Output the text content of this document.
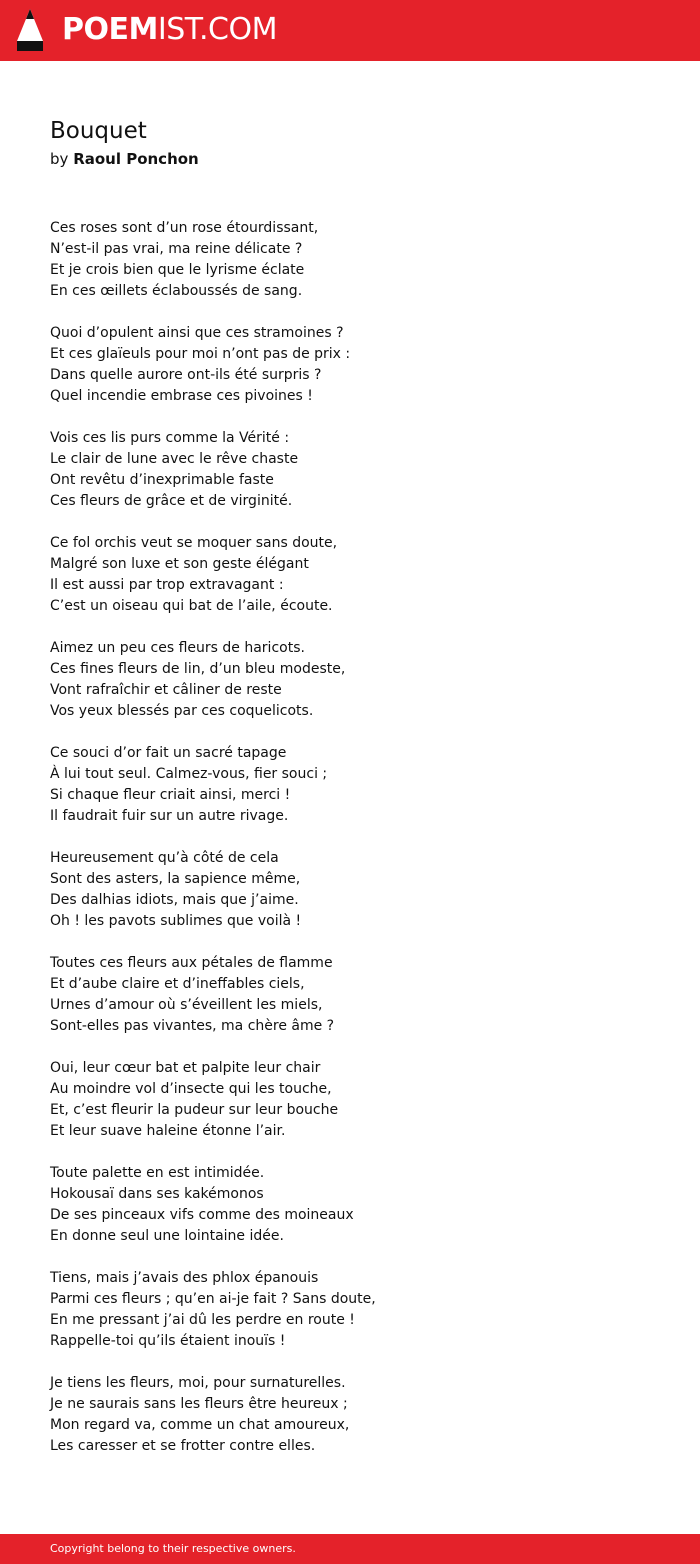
POEMIST.COM
Bouquet
by Raoul Ponchon
Ces roses sont d’un rose étourdissant,
N’est-il pas vrai, ma reine délicate ?
Et je crois bien que le lyrisme éclate
En ces œillets éclaboussés de sang.
Quoi d’opulent ainsi que ces stramoines ?
Et ces glaïeuls pour moi n’ont pas de prix :
Dans quelle aurore ont-ils été surpris ?
Quel incendie embrase ces pivoines !
Vois ces lis purs comme la Vérité :
Le clair de lune avec le rêve chaste
Ont revêtu d’inexprimable faste
Ces fleurs de grâce et de virginité.
Ce fol orchis veut se moquer sans doute,
Malgré son luxe et son geste élégant
Il est aussi par trop extravagant :
C’est un oiseau qui bat de l’aile, écoute.
Aimez un peu ces fleurs de haricots.
Ces fines fleurs de lin, d’un bleu modeste,
Vont rafraîchir et câliner de reste
Vos yeux blessés par ces coquelicots.
Ce souci d’or fait un sacré tapage
À lui tout seul. Calmez-vous, fier souci ;
Si chaque fleur criait ainsi, merci !
Il faudrait fuir sur un autre rivage.
Heureusement qu’à côté de cela
Sont des asters, la sapience même,
Des dalhias idiots, mais que j’aime.
Oh ! les pavots sublimes que voilà !
Toutes ces fleurs aux pétales de flamme
Et d’aube claire et d’ineffables ciels,
Urnes d’amour où s’éveillent les miels,
Sont-elles pas vivantes, ma chère âme ?
Oui, leur cœur bat et palpite leur chair
Au moindre vol d’insecte qui les touche,
Et, c’est fleurir la pudeur sur leur bouche
Et leur suave haleine étonne l’air.
Toute palette en est intimidée.
Hokousaï dans ses kakémonos
De ses pinceaux vifs comme des moineaux
En donne seul une lointaine idée.
Tiens, mais j’avais des phlox épanouis
Parmi ces fleurs ; qu’en ai-je fait ? Sans doute,
En me pressant j’ai dû les perdre en route !
Rappelle-toi qu’ils étaient inouïs !
Je tiens les fleurs, moi, pour surnaturelles.
Je ne saurais sans les fleurs être heureux ;
Mon regard va, comme un chat amoureux,
Les caresser et se frotter contre elles.
Copyright belong to their respective owners.
